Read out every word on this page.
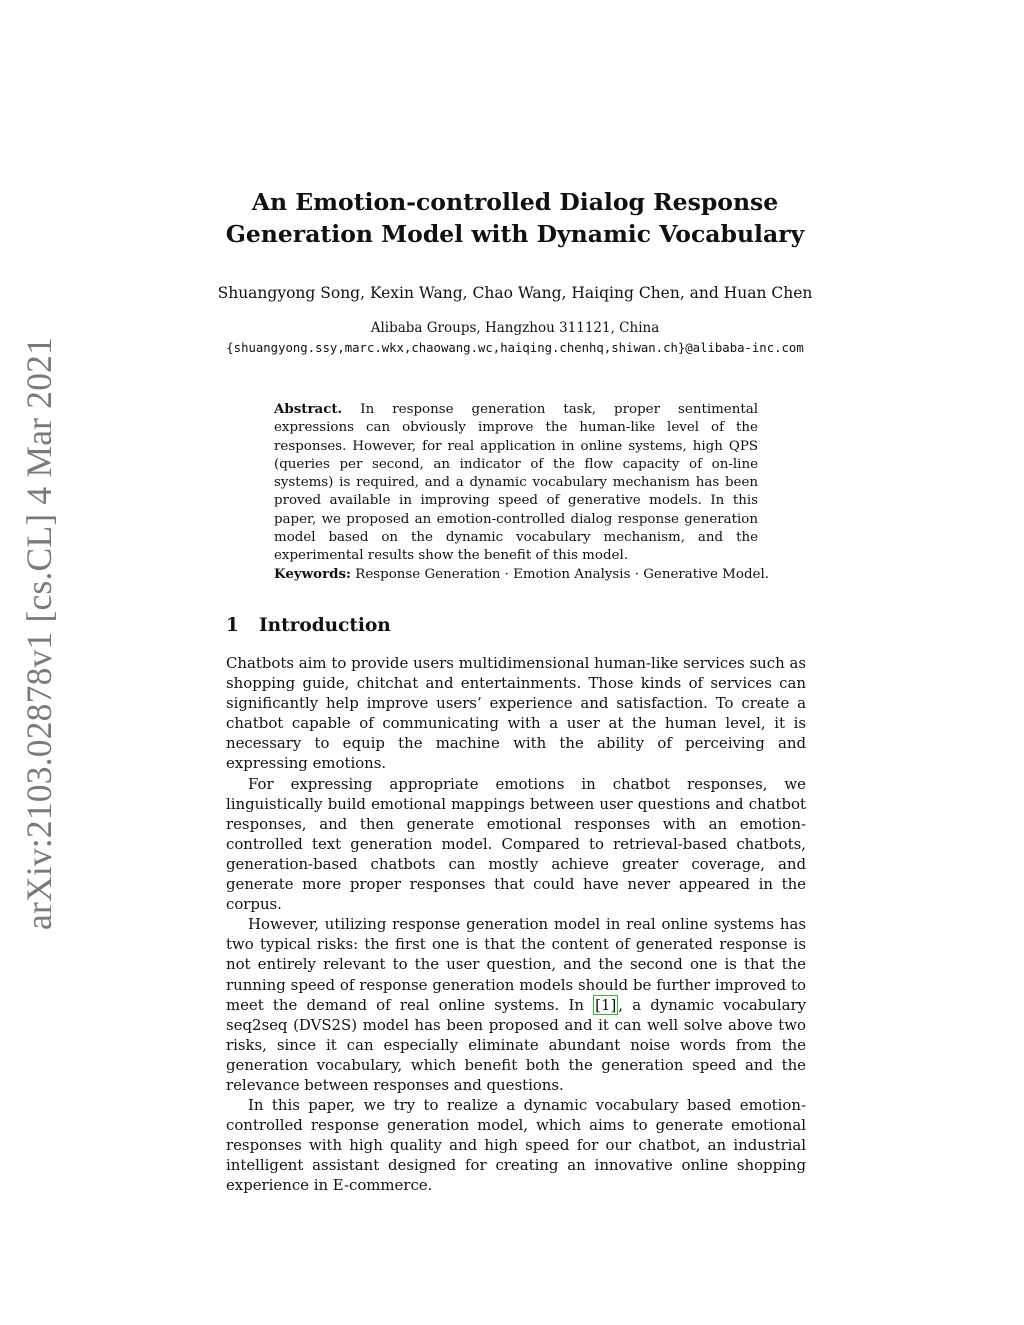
arXiv:2103.02878v1 [cs.CL] 4 Mar 2021
An Emotion-controlled Dialog Response
Generation Model with Dynamic Vocabulary
Shuangyong Song, Kexin Wang, Chao Wang, Haiqing Chen, and Huan Chen
Alibaba Groups, Hangzhou 311121, China
{shuangyong.ssy,marc.wkx,chaowang.wc,haiqing.chenhq,shiwan.ch}@alibaba-inc.com
Abstract. In response generation task, proper sentimental expressions can obviously improve the human-like level of the responses. However, for real application in online systems, high QPS (queries per second, an indicator of the flow capacity of on-line systems) is required, and a dynamic vocabulary mechanism has been proved available in improving speed of generative models. In this paper, we proposed an emotion-controlled dialog response generation model based on the dynamic vocabulary mechanism, and the experimental results show the benefit of this model.
Keywords: Response Generation · Emotion Analysis · Generative Model.
1 Introduction

Chatbots aim to provide users multidimensional human-like services such as shopping guide, chitchat and entertainments. Those kinds of services can significantly help improve users’ experience and satisfaction. To create a chatbot capable of communicating with a user at the human level, it is necessary to equip the machine with the ability of perceiving and expressing emotions.

For expressing appropriate emotions in chatbot responses, we linguistically build emotional mappings between user questions and chatbot responses, and then generate emotional responses with an emotion-controlled text generation model. Compared to retrieval-based chatbots, generation-based chatbots can mostly achieve greater coverage, and generate more proper responses that could have never appeared in the corpus.

However, utilizing response generation model in real online systems has two typical risks: the first one is that the content of generated response is not entirely relevant to the user question, and the second one is that the running speed of response generation models should be further improved to meet the demand of real online systems. In [1] , a dynamic vocabulary seq2seq (DVS2S) model has been proposed and it can well solve above two risks, since it can especially eliminate abundant noise words from the generation vocabulary, which benefit both the generation speed and the relevance between responses and questions.

In this paper, we try to realize a dynamic vocabulary based emotion-controlled response generation model, which aims to generate emotional responses with high quality and high speed for our chatbot, an industrial intelligent assistant designed for creating an innovative online shopping experience in E-commerce.
